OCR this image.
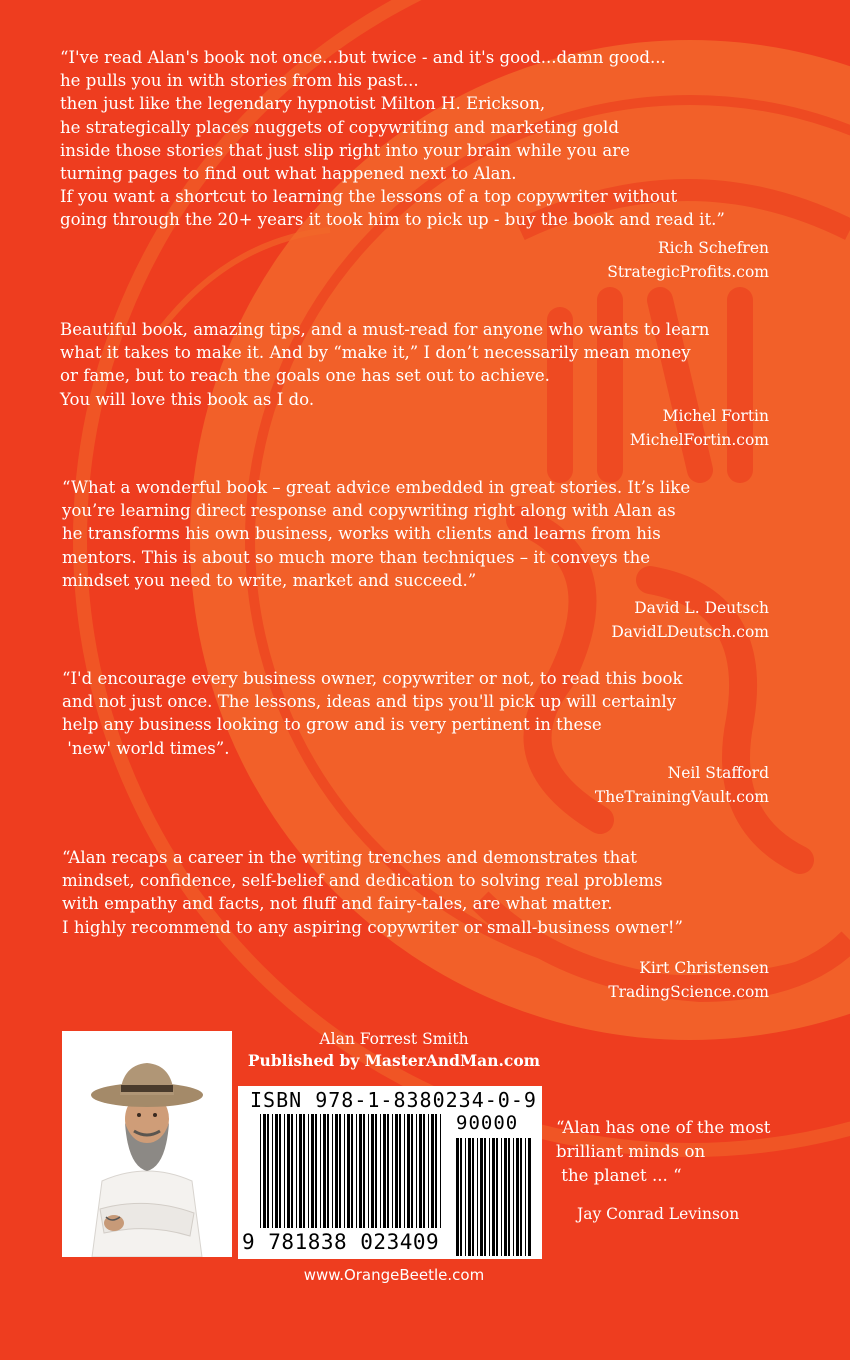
“I've read Alan's book not once...but twice - and it's good...damn good...
he pulls you in with stories from his past...
then just like the legendary hypnotist Milton H. Erickson,
he strategically places nuggets of copywriting and marketing gold
inside those stories that just slip right into your brain while you are
turning pages to find out what happened next to Alan.
If you want a shortcut to learning the lessons of a top copywriter without
going through the 20+ years it took him to pick up - buy the book and read it.”

Rich Schefren
StrategicProfits.com

Beautiful book, amazing tips, and a must-read for anyone who wants to learn
what it takes to make it. And by “make it,” I don’t necessarily mean money
or fame, but to reach the goals one has set out to achieve.
You will love this book as I do.

Michel Fortin
MichelFortin.com

“What a wonderful book – great advice embedded in great stories. It’s like
you’re learning direct response and copywriting right along with Alan as
he transforms his own business, works with clients and learns from his
mentors. This is about so much more than techniques – it conveys the
mindset you need to write, market and succeed.”

David L. Deutsch
DavidLDeutsch.com

“I'd encourage every business owner, copywriter or not, to read this book
and not just once. The lessons, ideas and tips you'll pick up will certainly
help any business looking to grow and is very pertinent in these
'new' world times”.

Neil Stafford
TheTrainingVault.com

“Alan recaps a career in the writing trenches and demonstrates that
mindset, confidence, self-belief and dedication to solving real problems
with empathy and facts, not fluff and fairy-tales, are what matter.
I highly recommend to any aspiring copywriter or small-business owner!”

Kirt Christensen
TradingScience.com

Alan Forrest Smith
Published by MasterAndMan.com
ISBN 978-1-8380234-0-9
90000
9 781838 023409
www.OrangeBeetle.com

“Alan has one of the most
brilliant minds on
the planet ... “

Jay Conrad Levinson
